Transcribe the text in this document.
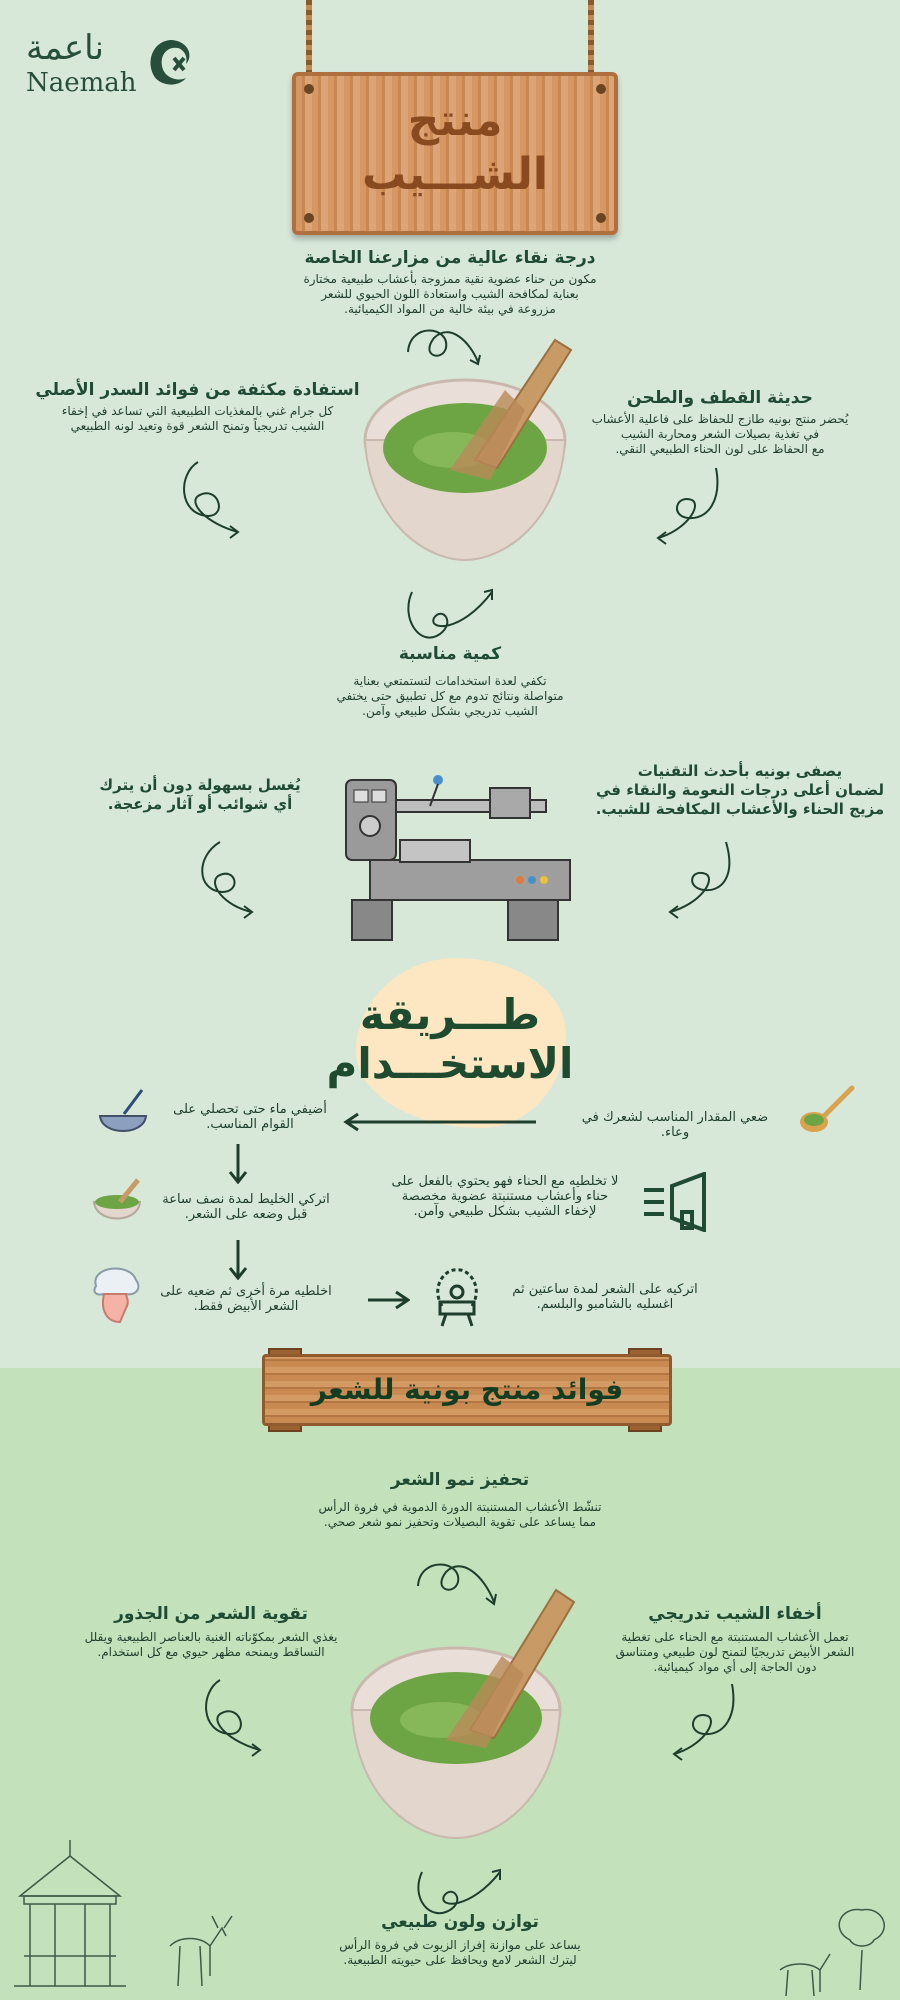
ناعمة
Naemah
منتج
الشـــيب
درجة نقاء عالية من مزارعنا الخاصة
مكون من حناء عضوية نقية ممزوجة بأعشاب طبيعية مختارة
بعناية لمكافحة الشيب واستعادة اللون الحيوي للشعر
مزروعة في بيئة خالية من المواد الكيميائية.
حديثة القطف والطحن
يُحضر منتج بونيه طازج للحفاظ على فاعلية الأعشاب
في تغذية بصيلات الشعر ومحاربة الشيب
مع الحفاظ على لون الحناء الطبيعي النقي.
استفادة مكثفة من فوائد السدر الأصلي
كل جرام غني بالمغذيات الطبيعية التي تساعد في إخفاء
الشيب تدريجياً وتمنح الشعر قوة وتعيد لونه الطبيعي
كمية مناسبة
تكفي لعدة استخدامات لتستمتعي بعناية
متواصلة ونتائج تدوم مع كل تطبيق حتى يختفي
الشيب تدريجي بشكل طبيعي وآمن.
يصفى بونيه بأحدث التقنيات
لضمان أعلى درجات النعومة والنقاء في
مزيج الحناء والأعشاب المكافحة للشيب.
يُغسل بسهولة دون أن يترك
أي شوائب أو آثار مزعجة.
طـــريقة الاستخـــدام
ضعي المقدار المناسب لشعرك في
وعاء.
أضيفي ماء حتى تحصلي على
القوام المناسب.
اتركي الخليط لمدة نصف ساعة
قبل وضعه على الشعر.
لا تخلطيه مع الحناء فهو يحتوي بالفعل على
حناء وأعشاب مستنبتة عضوية مخصصة
لإخفاء الشيب بشكل طبيعي وآمن.
اخلطيه مرة أخرى ثم ضعيه على
الشعر الأبيض فقط.
اتركيه على الشعر لمدة ساعتين ثم
اغسليه بالشامبو والبلسم.
فوائد منتج بونية للشعر
تحفيز نمو الشعر
تنشّط الأعشاب المستنبتة الدورة الدموية في فروة الرأس
مما يساعد على تقوية البصيلات وتحفيز نمو شعر صحي.
أخفاء الشيب تدريجي
تعمل الأعشاب المستنبتة مع الحناء على تغطية
الشعر الأبيض تدريجيًا لتمنح لون طبيعي ومتناسق
دون الحاجة إلى أي مواد كيميائية.
تقوية الشعر من الجذور
يغذي الشعر بمكوّناته الغنية بالعناصر الطبيعية ويقلل
التساقط ويمنحه مظهر حيوي مع كل استخدام.
توازن ولون طبيعي
يساعد على موازنة إفراز الزيوت في فروة الرأس
ليترك الشعر لامع ويحافظ على حيويته الطبيعية.
